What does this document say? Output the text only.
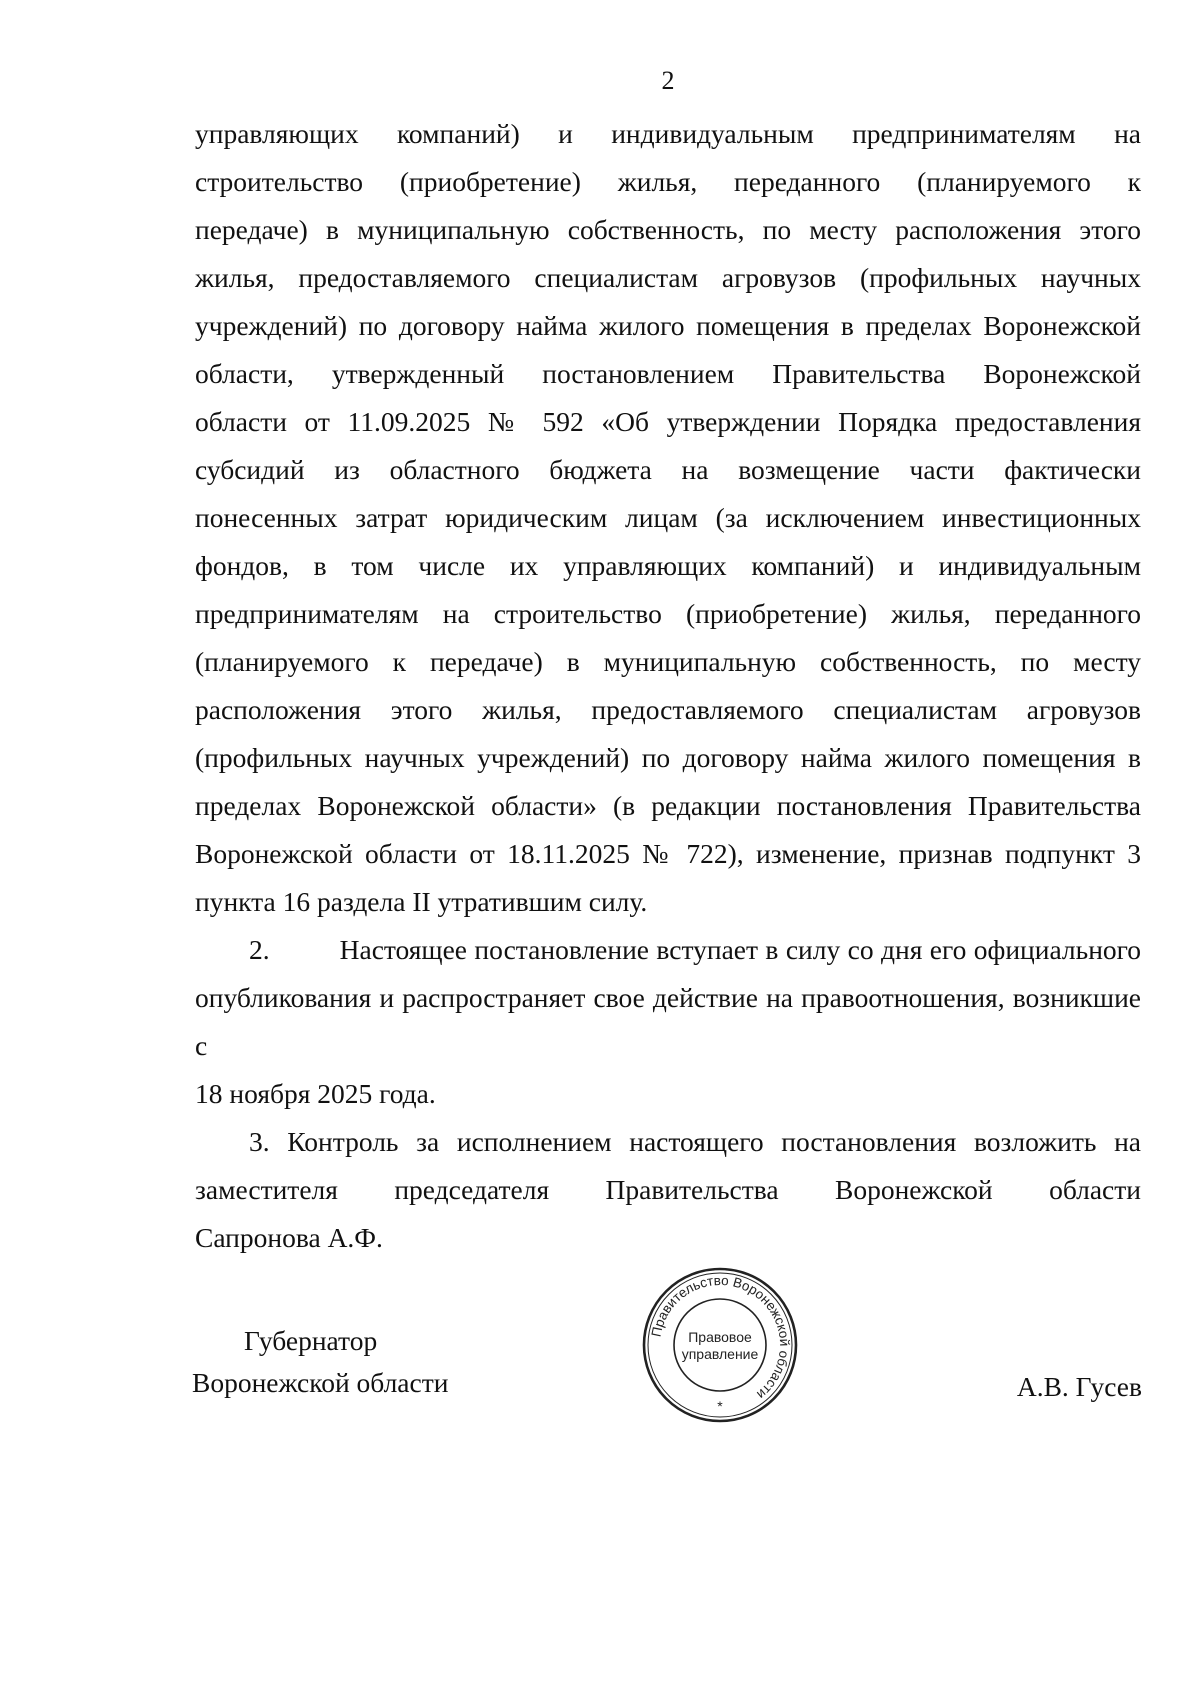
2
управляющих компаний) и индивидуальным предпринимателям на
строительство (приобретение) жилья, переданного (планируемого к
передаче) в муниципальную собственность, по месту расположения этого
жилья, предоставляемого специалистам агровузов (профильных научных
учреждений) по договору найма жилого помещения в пределах Воронежской
области, утвержденный постановлением Правительства Воронежской
области от 11.09.2025 № 592 «Об утверждении Порядка предоставления
субсидий из областного бюджета на возмещение части фактически
понесенных затрат юридическим лицам (за исключением инвестиционных
фондов, в том числе их управляющих компаний) и индивидуальным
предпринимателям на строительство (приобретение) жилья, переданного
(планируемого к передаче) в муниципальную собственность, по месту
расположения этого жилья, предоставляемого специалистам агровузов
(профильных научных учреждений) по договору найма жилого помещения в
пределах Воронежской области» (в редакции постановления Правительства
Воронежской области от 18.11.2025 № 722), изменение, признав подпункт 3
пункта 16 раздела II утратившим силу.
2.	Настоящее постановление вступает в силу со дня его официального
опубликования и распространяет свое действие на правоотношения, возникшие с
18 ноября 2025 года.
3. Контроль за исполнением настоящего постановления возложить на
заместителя председателя Правительства Воронежской области
Сапронова А.Ф.
Губернатор
Воронежской области
Правительство Воронежской области
Правовое
управление
*
А.В. Гусев
